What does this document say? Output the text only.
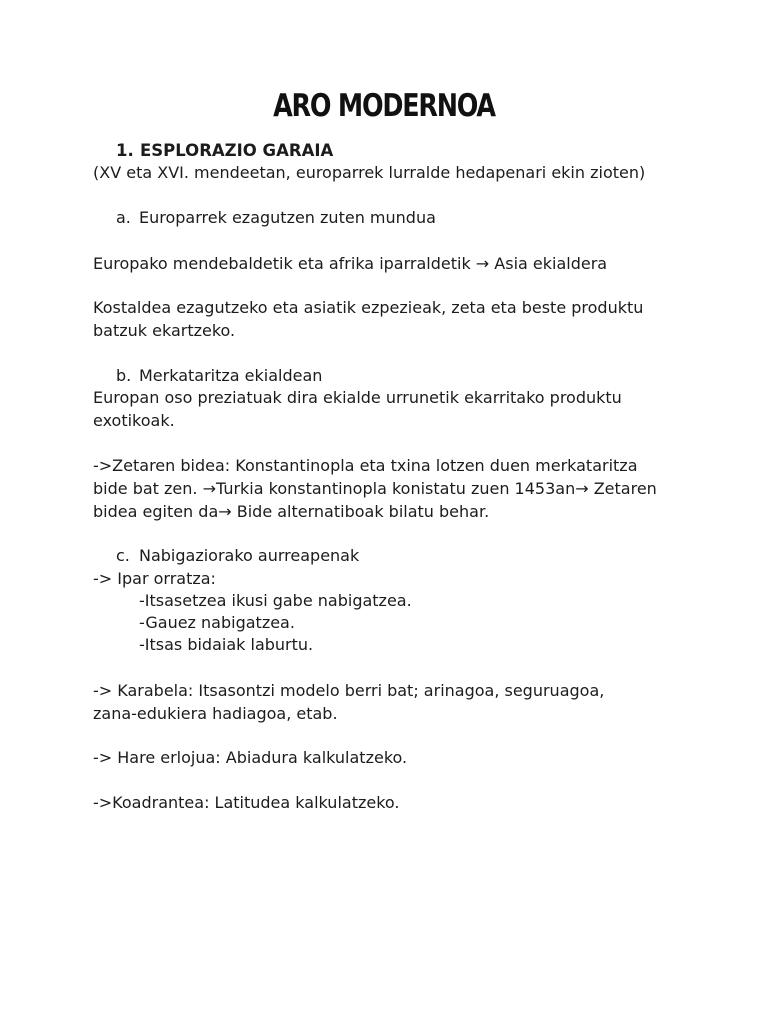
ARO MODERNOA
1. ESPLORAZIO GARAIA
(XV eta XVI. mendeetan, europarrek lurralde hedapenari ekin zioten)
a. Europarrek ezagutzen zuten mundua
Europako mendebaldetik eta afrika iparraldetik → Asia ekialdera
Kostaldea ezagutzeko eta asiatik ezpezieak, zeta eta beste produktu
batzuk ekartzeko.
b. Merkataritza ekialdean
Europan oso preziatuak dira ekialde urrunetik ekarritako produktu
exotikoak.
->Zetaren bidea: Konstantinopla eta txina lotzen duen merkataritza
bide bat zen. →Turkia konstantinopla konistatu zuen 1453an→ Zetaren
bidea egiten da→ Bide alternatiboak bilatu behar.
c. Nabigaziorako aurreapenak
-> Ipar orratza:
-Itsasetzea ikusi gabe nabigatzea.
-Gauez nabigatzea.
-Itsas bidaiak laburtu.
-> Karabela: Itsasontzi modelo berri bat; arinagoa, seguruagoa,
zana-edukiera hadiagoa, etab.
-> Hare erlojua: Abiadura kalkulatzeko.
->Koadrantea: Latitudea kalkulatzeko.
